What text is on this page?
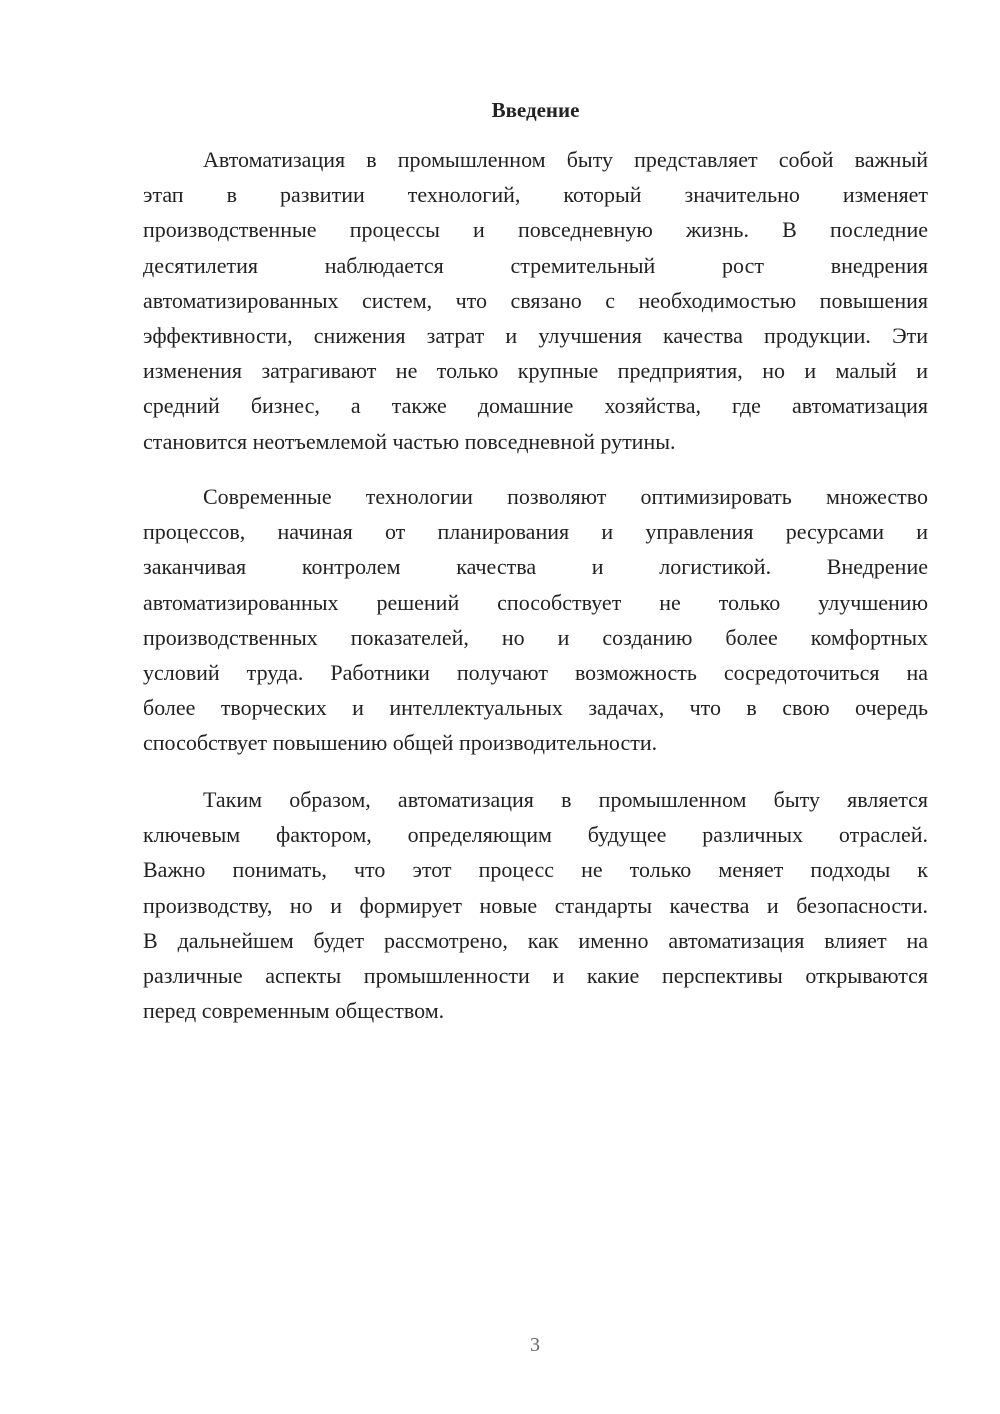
Введение
Автоматизация в промышленном быту представляет собой важный
этап в развитии технологий, который значительно изменяет
производственные процессы и повседневную жизнь. В последние
десятилетия наблюдается стремительный рост внедрения
автоматизированных систем, что связано с необходимостью повышения
эффективности, снижения затрат и улучшения качества продукции. Эти
изменения затрагивают не только крупные предприятия, но и малый и
средний бизнес, а также домашние хозяйства, где автоматизация
становится неотъемлемой частью повседневной рутины.
Современные технологии позволяют оптимизировать множество
процессов, начиная от планирования и управления ресурсами и
заканчивая контролем качества и логистикой. Внедрение
автоматизированных решений способствует не только улучшению
производственных показателей, но и созданию более комфортных
условий труда. Работники получают возможность сосредоточиться на
более творческих и интеллектуальных задачах, что в свою очередь
способствует повышению общей производительности.
Таким образом, автоматизация в промышленном быту является
ключевым фактором, определяющим будущее различных отраслей.
Важно понимать, что этот процесс не только меняет подходы к
производству, но и формирует новые стандарты качества и безопасности.
В дальнейшем будет рассмотрено, как именно автоматизация влияет на
различные аспекты промышленности и какие перспективы открываются
перед современным обществом.
3
